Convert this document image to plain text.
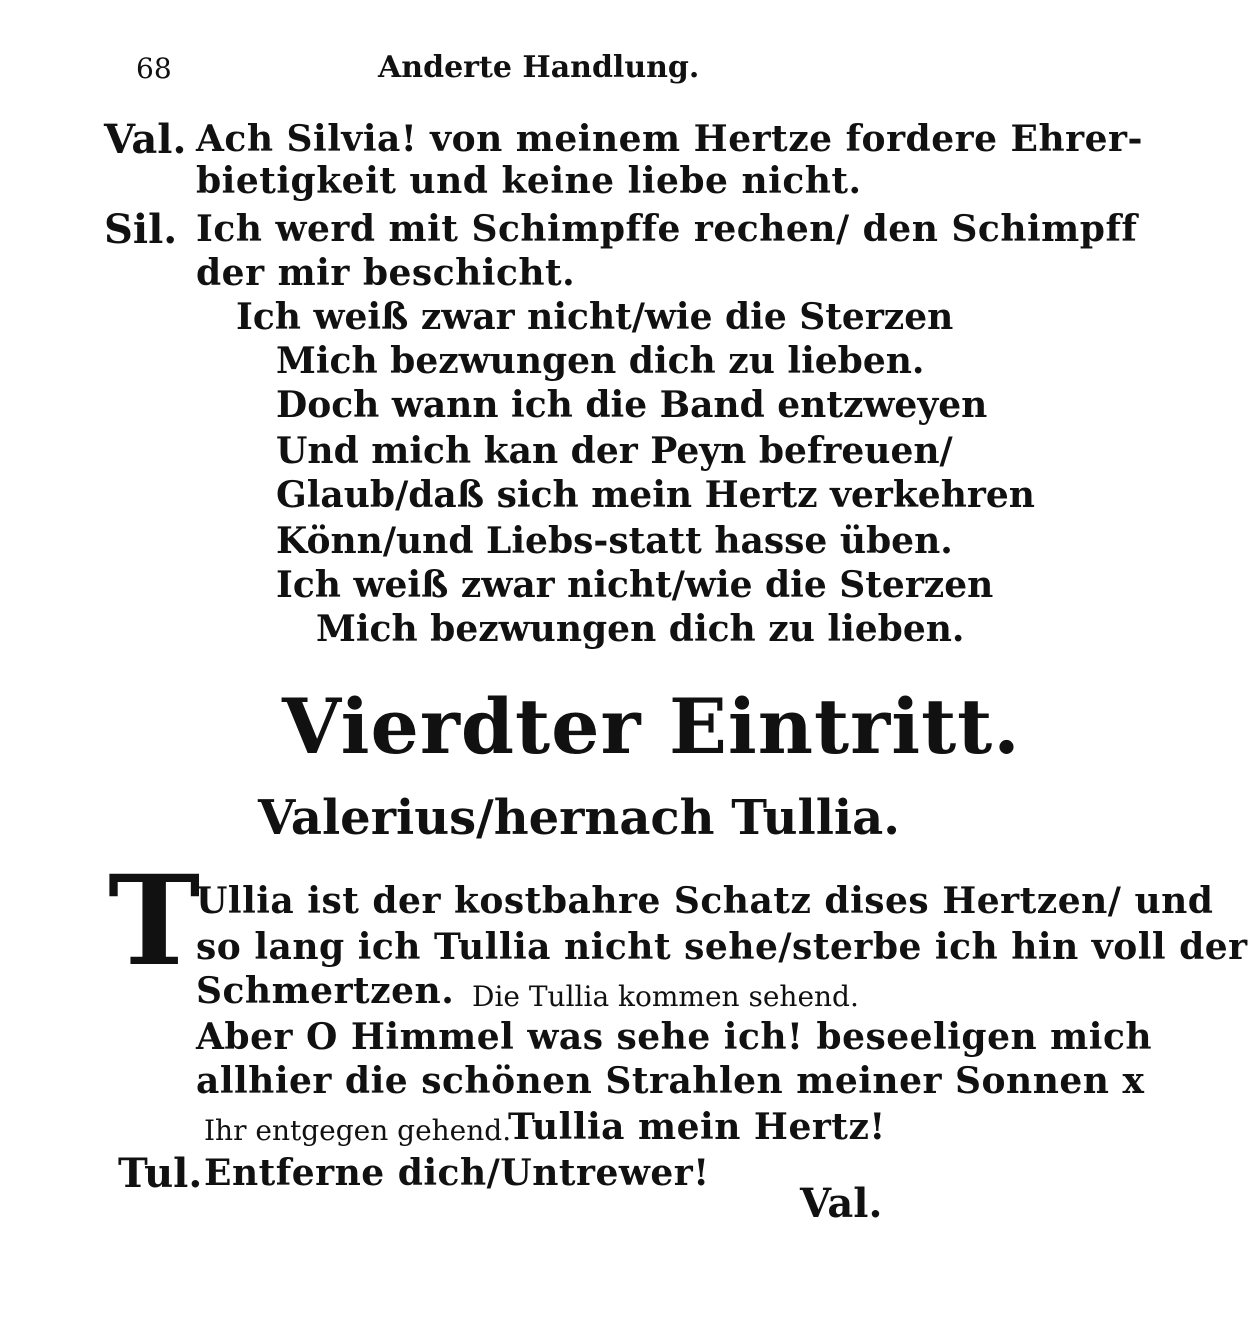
68	Anderte Handlung.
Val. Ach Silvia! von meinem Hertze fordere Ehrer-
bietigkeit und keine liebe nicht.
Sil. Ich werd mit Schimpffe rechen/ den Schimpff
der mir beschicht.
Ich weiß zwar nicht/wie die Sterzen
Mich bezwungen dich zu lieben.
Doch wann ich die Band entzweyen
Und mich kan der Peyn befreuen/
Glaub/daß sich mein Hertz verkehren
Könn/und Liebs-statt hasse üben.
Ich weiß zwar nicht/wie die Sterzen
Mich bezwungen dich zu lieben.
Vierdter Eintritt.
Valerius/hernach Tullia.
T
Ullia ist der kostbahre Schatz dises Hertzen/ und
so lang ich Tullia nicht sehe/sterbe ich hin voll der
Schmertzen. Die Tullia kommen sehend.
Aber O Himmel was sehe ich! beseeligen mich
allhier die schönen Strahlen meiner Sonnen x
Ihr entgegen gehend.
Tullia mein Hertz!
Tul. Entferne dich/Untrewer!
Val.
